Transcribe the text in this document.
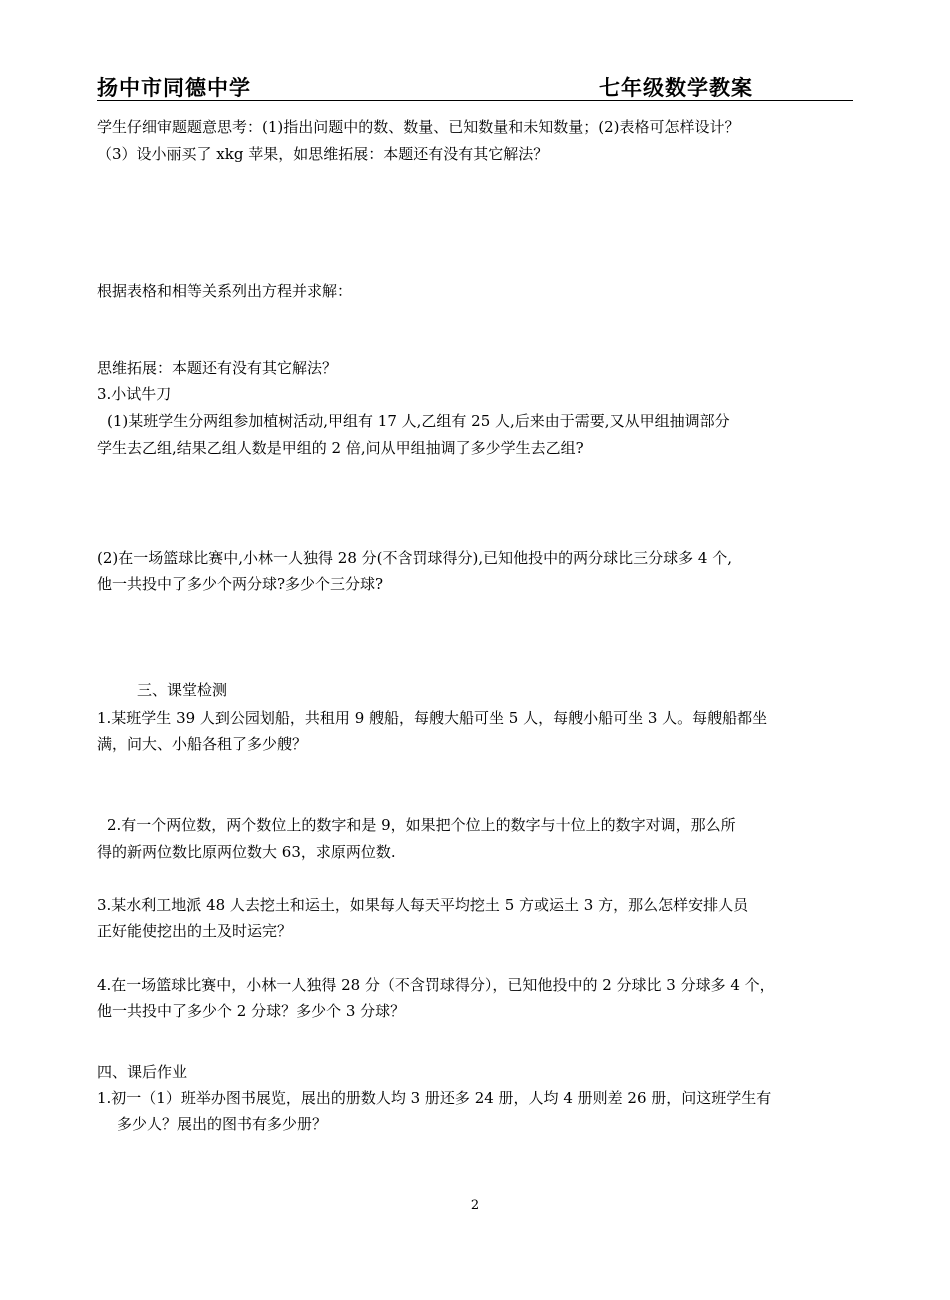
扬中市同德中学	七年级数学教案
学生仔细审题题意思考：(1)指出问题中的数、数量、已知数量和未知数量；(2)表格可怎样设计？
（3）设小丽买了 xkg 苹果，如思维拓展：本题还有没有其它解法？
根据表格和相等关系列出方程并求解：
思维拓展：本题还有没有其它解法？
3.小试牛刀
(1)某班学生分两组参加植树活动,甲组有 17 人,乙组有 25 人,后来由于需要,又从甲组抽调部分
学生去乙组,结果乙组人数是甲组的 2 倍,问从甲组抽调了多少学生去乙组?
(2)在一场篮球比赛中,小林一人独得 28 分(不含罚球得分),已知他投中的两分球比三分球多 4 个,
他一共投中了多少个两分球?多少个三分球?
三、课堂检测
1.某班学生 39 人到公园划船，共租用 9 艘船，每艘大船可坐 5 人，每艘小船可坐 3 人。每艘船都坐
满，问大、小船各租了多少艘？
2.有一个两位数，两个数位上的数字和是 9，如果把个位上的数字与十位上的数字对调，那么所
得的新两位数比原两位数大 63，求原两位数.
3.某水利工地派 48 人去挖土和运土，如果每人每天平均挖土 5 方或运土 3 方，那么怎样安排人员
正好能使挖出的土及时运完？
4.在一场篮球比赛中，小林一人独得 28 分（不含罚球得分），已知他投中的 2 分球比 3 分球多 4 个，
他一共投中了多少个 2 分球？多少个 3 分球？
四、课后作业
1.初一（1）班举办图书展览，展出的册数人均 3 册还多 24 册，人均 4 册则差 26 册，问这班学生有
多少人？展出的图书有多少册？
2
